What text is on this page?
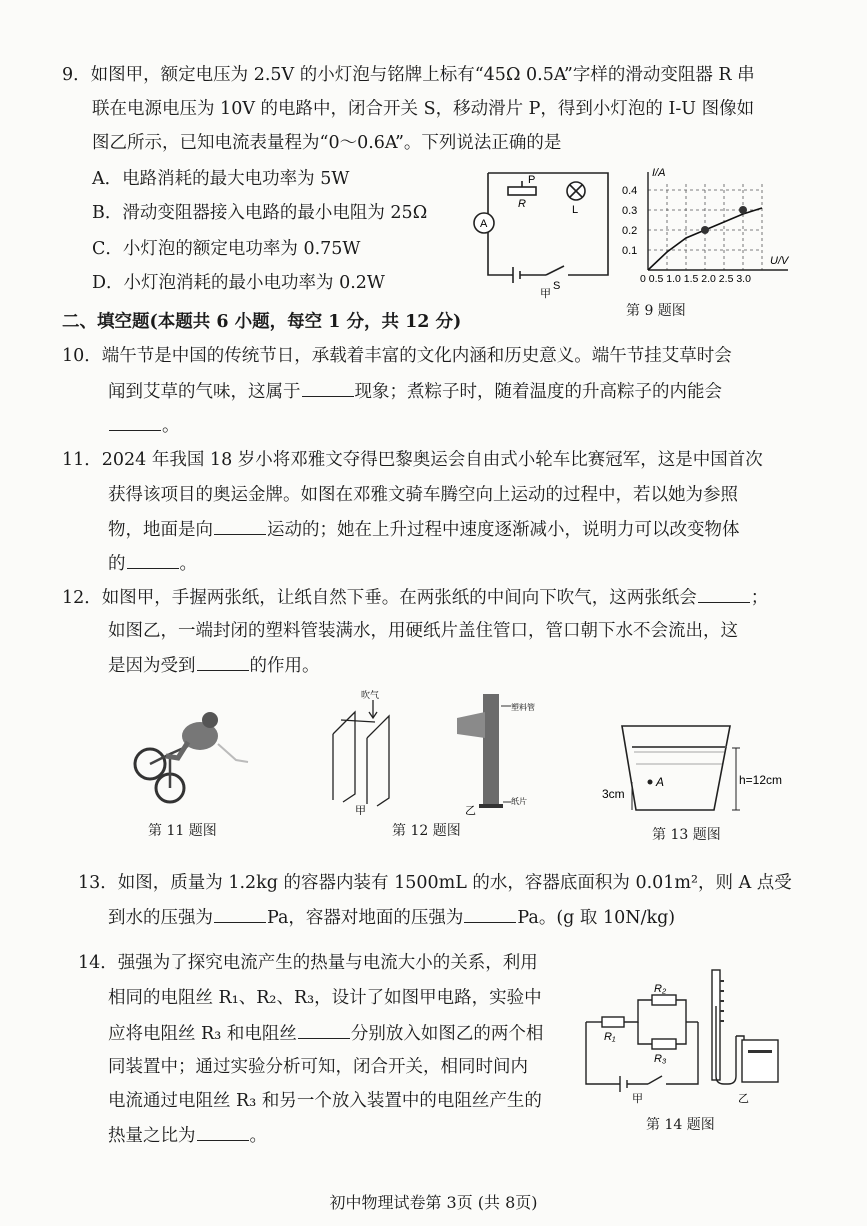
9．如图甲，额定电压为 2.5V 的小灯泡与铭牌上标有“45Ω 0.5A”字样的滑动变阻器 R 串
联在电源电压为 10V 的电路中，闭合开关 S，移动滑片 P，得到小灯泡的 I-U 图像如
图乙所示，已知电流表量程为“0～0.6A”。下列说法正确的是
A．电路消耗的最大电功率为 5W
B．滑动变阻器接入电路的最小电阻为 25Ω
C．小灯泡的额定电功率为 0.75W
D．小灯泡消耗的最小电功率为 0.2W
P
R	L
A
S
甲
I/A
U/V
0.4
0.3
0.2
0.1
0 0.5 1.0 1.5 2.0 2.5 3.0
第 9 题图
二、填空题(本题共 6 小题，每空 1 分，共 12 分)
10．端午节是中国的传统节日，承载着丰富的文化内涵和历史意义。端午节挂艾草时会
闻到艾草的气味，这属于	现象；煮粽子时，随着温度的升高粽子的内能会
。
11．2024 年我国 18 岁小将邓雅文夺得巴黎奥运会自由式小轮车比赛冠军，这是中国首次
获得该项目的奥运金牌。如图在邓雅文骑车腾空向上运动的过程中，若以她为参照
物，地面是向	运动的；她在上升过程中速度逐渐减小，说明力可以改变物体
的	。
12．如图甲，手握两张纸，让纸自然下垂。在两张纸的中间向下吹气，这两张纸会	；
如图乙，一端封闭的塑料管装满水，用硬纸片盖住管口，管口朝下水不会流出，这
是因为受到	的作用。
第 11 题图
吹气
甲
塑料管
纸片
乙
第 12 题图
A	h=12cm
3cm
第 13 题图
13．如图，质量为 1.2kg 的容器内装有 1500mL 的水，容器底面积为 0.01m²，则 A 点受
到水的压强为	Pa，容器对地面的压强为	Pa。(g 取 10N/kg)
14．强强为了探究电流产生的热量与电流大小的关系，利用
相同的电阻丝 R₁、R₂、R₃，设计了如图甲电路，实验中
应将电阻丝 R₃ 和电阻丝	分别放入如图乙的两个相
同装置中；通过实验分析可知，闭合开关，相同时间内
电流通过电阻丝 R₃ 和另一个放入装置中的电阻丝产生的
热量之比为	。
R₁
R₂
R₃
甲	乙
第 14 题图
初中物理试卷第 3页 (共 8页)
